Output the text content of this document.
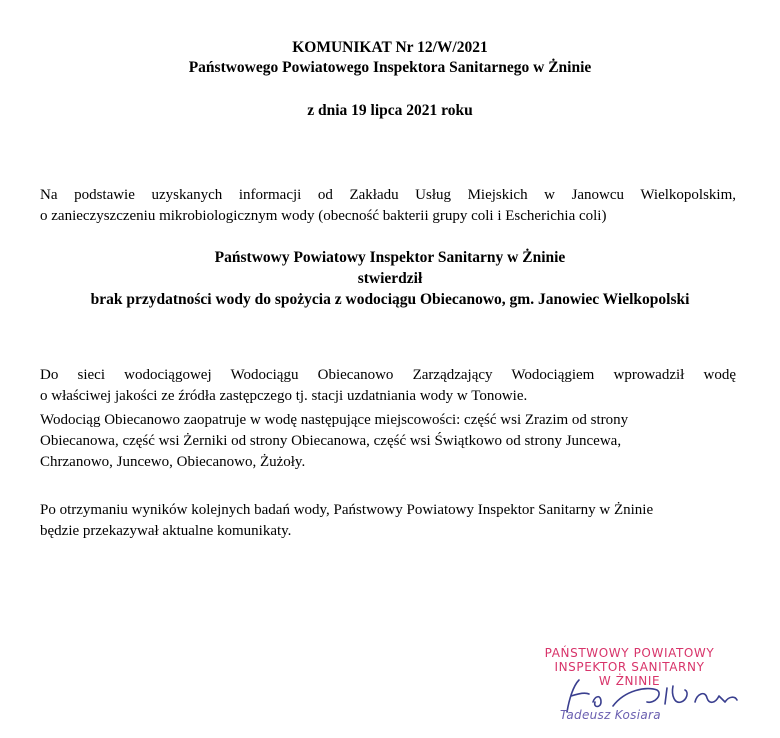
KOMUNIKAT Nr 12/W/2021
Państwowego Powiatowego Inspektora Sanitarnego w Żninie
z dnia 19 lipca 2021 roku
Na podstawie uzyskanych informacji od Zakładu Usług Miejskich w Janowcu Wielkopolskim,
o zanieczyszczeniu mikrobiologicznym wody (obecność bakterii grupy coli i Escherichia coli)
Państwowy Powiatowy Inspektor Sanitarny w Żninie
stwierdził
brak przydatności wody do spożycia z wodociągu Obiecanowo, gm. Janowiec Wielkopolski
Do sieci wodociągowej Wodociągu Obiecanowo Zarządzający Wodociągiem wprowadził wodę
o właściwej jakości ze źródła zastępczego tj. stacji uzdatniania wody w Tonowie.
Wodociąg Obiecanowo zaopatruje w wodę następujące miejscowości: część wsi Zrazim od strony
Obiecanowa, część wsi Żerniki od strony Obiecanowa, część wsi Świątkowo od strony Juncewa,
Chrzanowo, Juncewo, Obiecanowo, Żużoły.
Po otrzymaniu wyników kolejnych badań wody, Państwowy Powiatowy Inspektor Sanitarny w Żninie
będzie przekazywał aktualne komunikaty.
PAŃSTWOWY POWIATOWY
INSPEKTOR SANITARNY
W ŻNINIE
Tadeusz Kosiara
